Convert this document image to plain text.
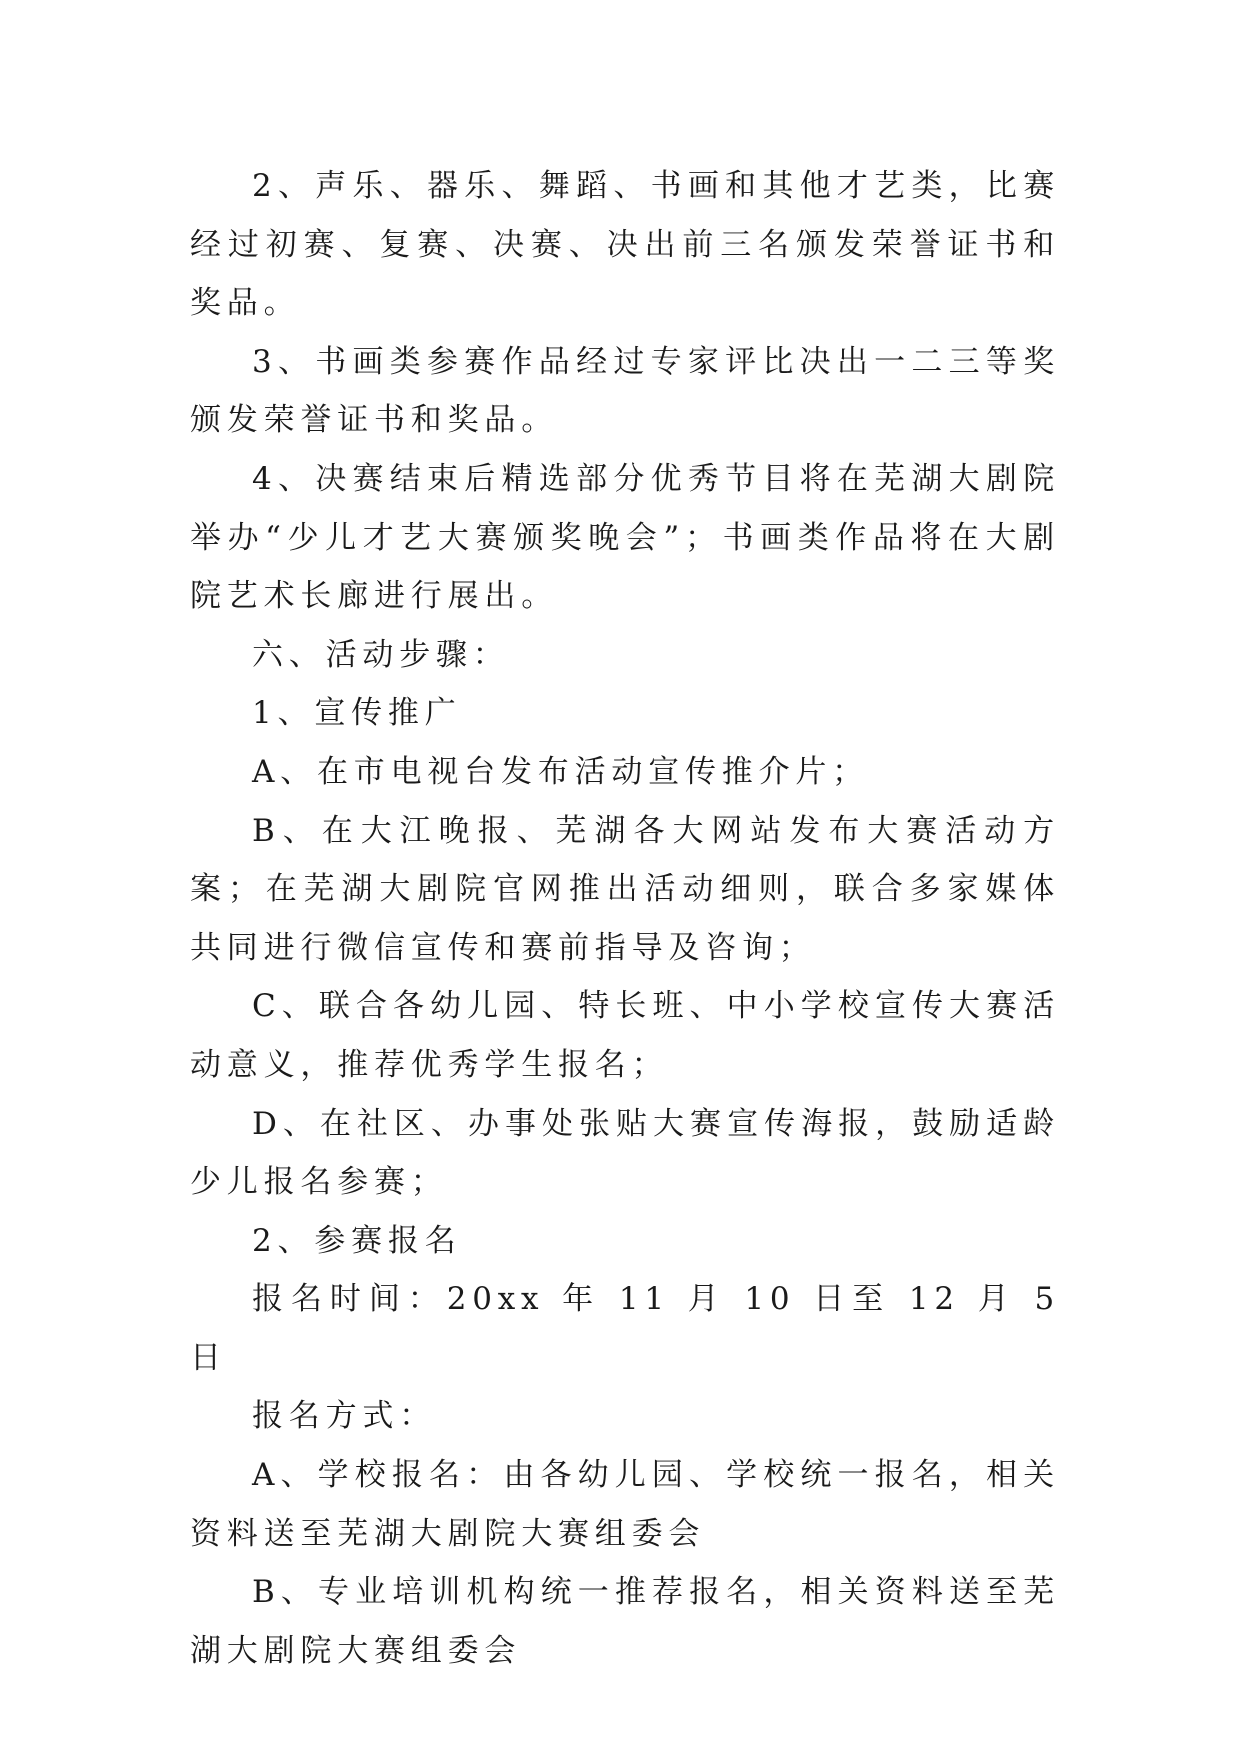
2、声乐、器乐、舞蹈、书画和其他才艺类，比赛经过初赛、复赛、决赛、决出前三名颁发荣誉证书和奖品。

3、书画类参赛作品经过专家评比决出一二三等奖颁发荣誉证书和奖品。

4、决赛结束后精选部分优秀节目将在芜湖大剧院举办“少儿才艺大赛颁奖晚会”；书画类作品将在大剧院艺术长廊进行展出。

六、活动步骤：

1、宣传推广

A、在市电视台发布活动宣传推介片；

B、在大江晚报、芜湖各大网站发布大赛活动方案；在芜湖大剧院官网推出活动细则，联合多家媒体共同进行微信宣传和赛前指导及咨询；

C、联合各幼儿园、特长班、中小学校宣传大赛活动意义，推荐优秀学生报名；

D、在社区、办事处张贴大赛宣传海报，鼓励适龄少儿报名参赛；

2、参赛报名

报名时间：20xx 年 11 月 10 日至 12 月 5 日

报名方式：

A、学校报名：由各幼儿园、学校统一报名，相关资料送至芜湖大剧院大赛组委会

B、专业培训机构统一推荐报名，相关资料送至芜湖大剧院大赛组委会
